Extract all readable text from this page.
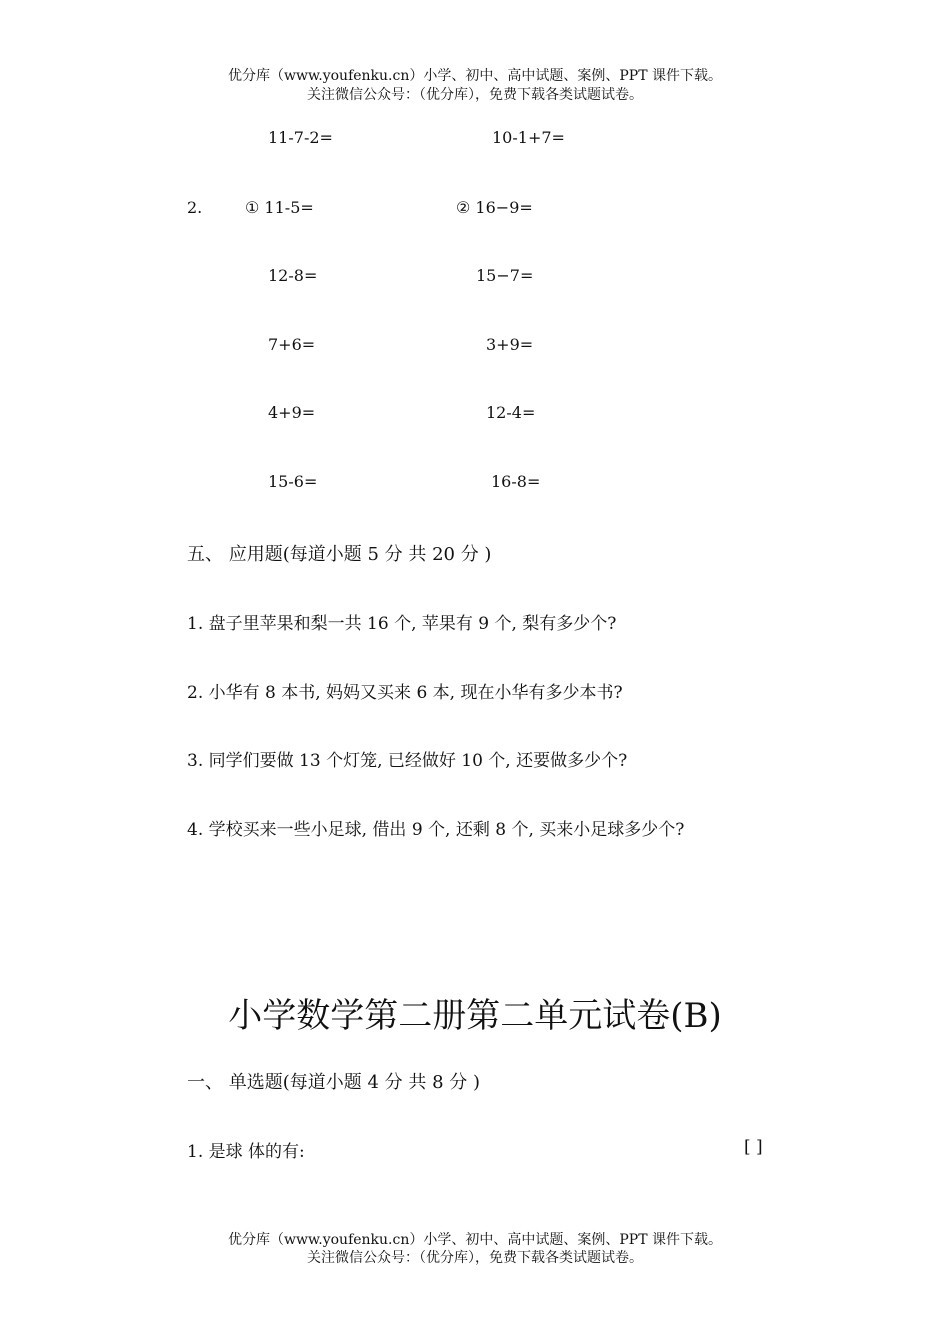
优分库（www.youfenku.cn）小学、初中、高中试题、案例、PPT 课件下载。
关注微信公众号：（优分库），免费下载各类试题试卷。
11-7-2=	10-1+7=
2.	① 11-5=	② 16−9=
12-8=	15−7=
7+6=	3+9=
4+9=	12-4=
15-6=	16-8=
五、 应用题(每道小题 5 分 共 20 分 )
1. 盘子里苹果和梨一共 16 个, 苹果有 9 个, 梨有多少个?
2. 小华有 8 本书, 妈妈又买来 6 本, 现在小华有多少本书?
3. 同学们要做 13 个灯笼, 已经做好 10 个, 还要做多少个?
4. 学校买来一些小足球, 借出 9 个, 还剩 8 个, 买来小足球多少个?
小学数学第二册第二单元试卷(B)
一、 单选题(每道小题 4 分 共 8 分 )
1. 是球 体的有:	[ ]
优分库（www.youfenku.cn）小学、初中、高中试题、案例、PPT 课件下载。
关注微信公众号：（优分库），免费下载各类试题试卷。
